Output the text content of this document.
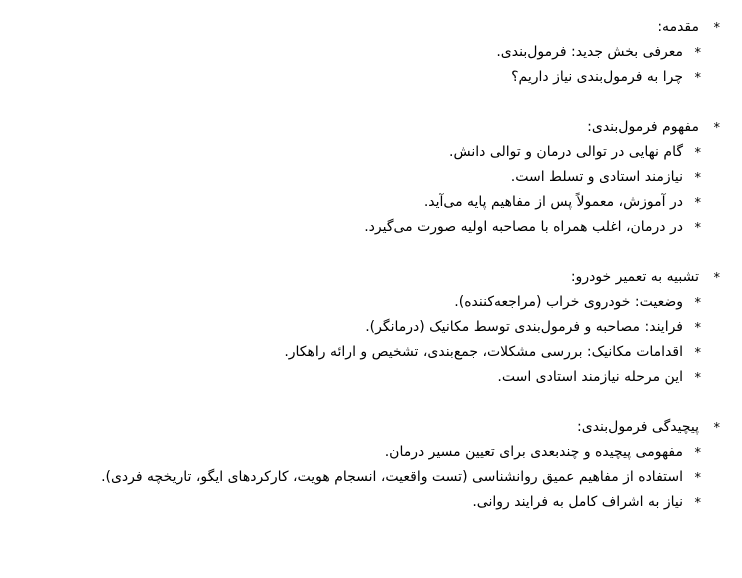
*
مقدمه:
*
معرفی بخش جدید: فرمول‌بندی.
*
چرا به فرمول‌بندی نیاز داریم؟
*
مفهوم فرمول‌بندی:
*
گام نهایی در توالی درمان و توالی دانش.
*
نیازمند استادی و تسلط است.
*
در آموزش، معمولاً پس از مفاهیم پایه می‌آید.
*
در درمان، اغلب همراه با مصاحبه اولیه صورت می‌گیرد.
*
تشبیه به تعمیر خودرو:
*
وضعیت: خودروی خراب (مراجعه‌کننده).
*
فرایند: مصاحبه و فرمول‌بندی توسط مکانیک (درمانگر).
*
اقدامات مکانیک: بررسی مشکلات، جمع‌بندی، تشخیص و ارائه راهکار.
*
این مرحله نیازمند استادی است.
*
پیچیدگی فرمول‌بندی:
*
مفهومی پیچیده و چندبعدی برای تعیین مسیر درمان.
*
استفاده از مفاهیم عمیق روانشناسی (تست واقعیت، انسجام هویت، کارکردهای ایگو، تاریخچه فردی).
*
نیاز به اشراف کامل به فرایند روانی.
